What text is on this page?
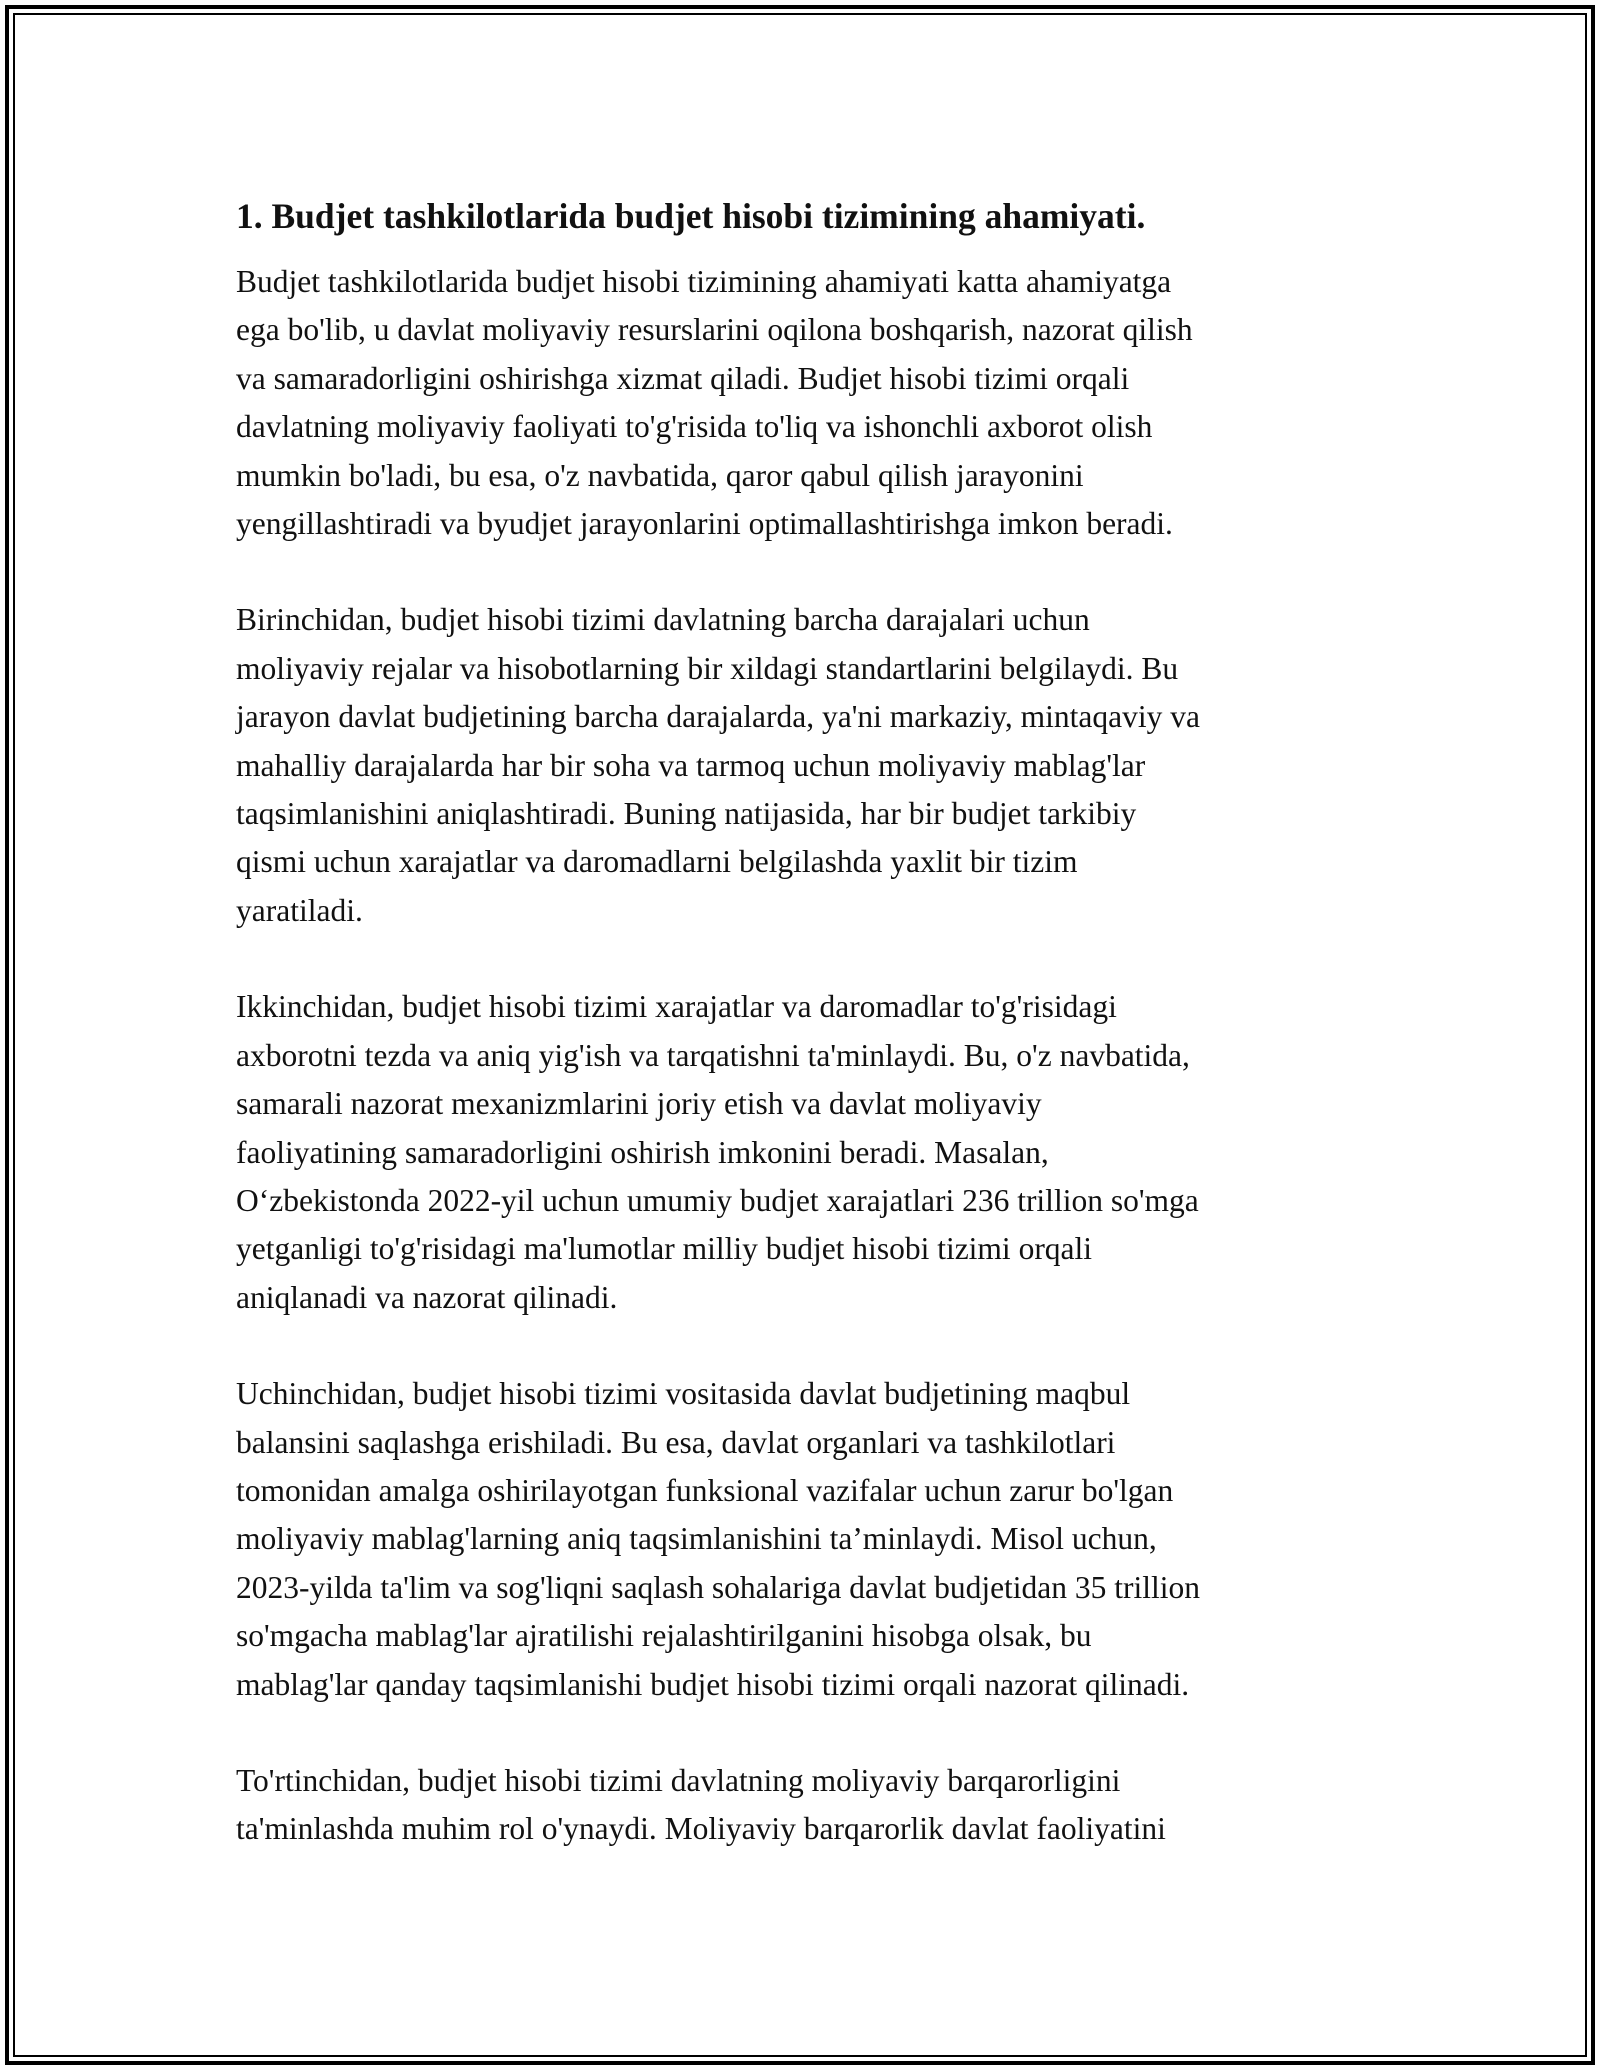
1. Budjet tashkilotlarida budjet hisobi tizimining ahamiyati.
Budjet tashkilotlarida budjet hisobi tizimining ahamiyati katta ahamiyatga
ega bo'lib, u davlat moliyaviy resurslarini oqilona boshqarish, nazorat qilish
va samaradorligini oshirishga xizmat qiladi. Budjet hisobi tizimi orqali
davlatning moliyaviy faoliyati to'g'risida to'liq va ishonchli axborot olish
mumkin bo'ladi, bu esa, o'z navbatida, qaror qabul qilish jarayonini
yengillashtiradi va byudjet jarayonlarini optimallashtirishga imkon beradi.
Birinchidan, budjet hisobi tizimi davlatning barcha darajalari uchun
moliyaviy rejalar va hisobotlarning bir xildagi standartlarini belgilaydi. Bu
jarayon davlat budjetining barcha darajalarda, ya'ni markaziy, mintaqaviy va
mahalliy darajalarda har bir soha va tarmoq uchun moliyaviy mablag'lar
taqsimlanishini aniqlashtiradi. Buning natijasida, har bir budjet tarkibiy
qismi uchun xarajatlar va daromadlarni belgilashda yaxlit bir tizim
yaratiladi.
Ikkinchidan, budjet hisobi tizimi xarajatlar va daromadlar to'g'risidagi
axborotni tezda va aniq yig'ish va tarqatishni ta'minlaydi. Bu, o'z navbatida,
samarali nazorat mexanizmlarini joriy etish va davlat moliyaviy
faoliyatining samaradorligini oshirish imkonini beradi. Masalan,
O‘zbekistonda 2022-yil uchun umumiy budjet xarajatlari 236 trillion so'mga
yetganligi to'g'risidagi ma'lumotlar milliy budjet hisobi tizimi orqali
aniqlanadi va nazorat qilinadi.
Uchinchidan, budjet hisobi tizimi vositasida davlat budjetining maqbul
balansini saqlashga erishiladi. Bu esa, davlat organlari va tashkilotlari
tomonidan amalga oshirilayotgan funksional vazifalar uchun zarur bo'lgan
moliyaviy mablag'larning aniq taqsimlanishini ta’minlaydi. Misol uchun,
2023-yilda ta'lim va sog'liqni saqlash sohalariga davlat budjetidan 35 trillion
so'mgacha mablag'lar ajratilishi rejalashtirilganini hisobga olsak, bu
mablag'lar qanday taqsimlanishi budjet hisobi tizimi orqali nazorat qilinadi.
To'rtinchidan, budjet hisobi tizimi davlatning moliyaviy barqarorligini
ta'minlashda muhim rol o'ynaydi. Moliyaviy barqarorlik davlat faoliyatini
